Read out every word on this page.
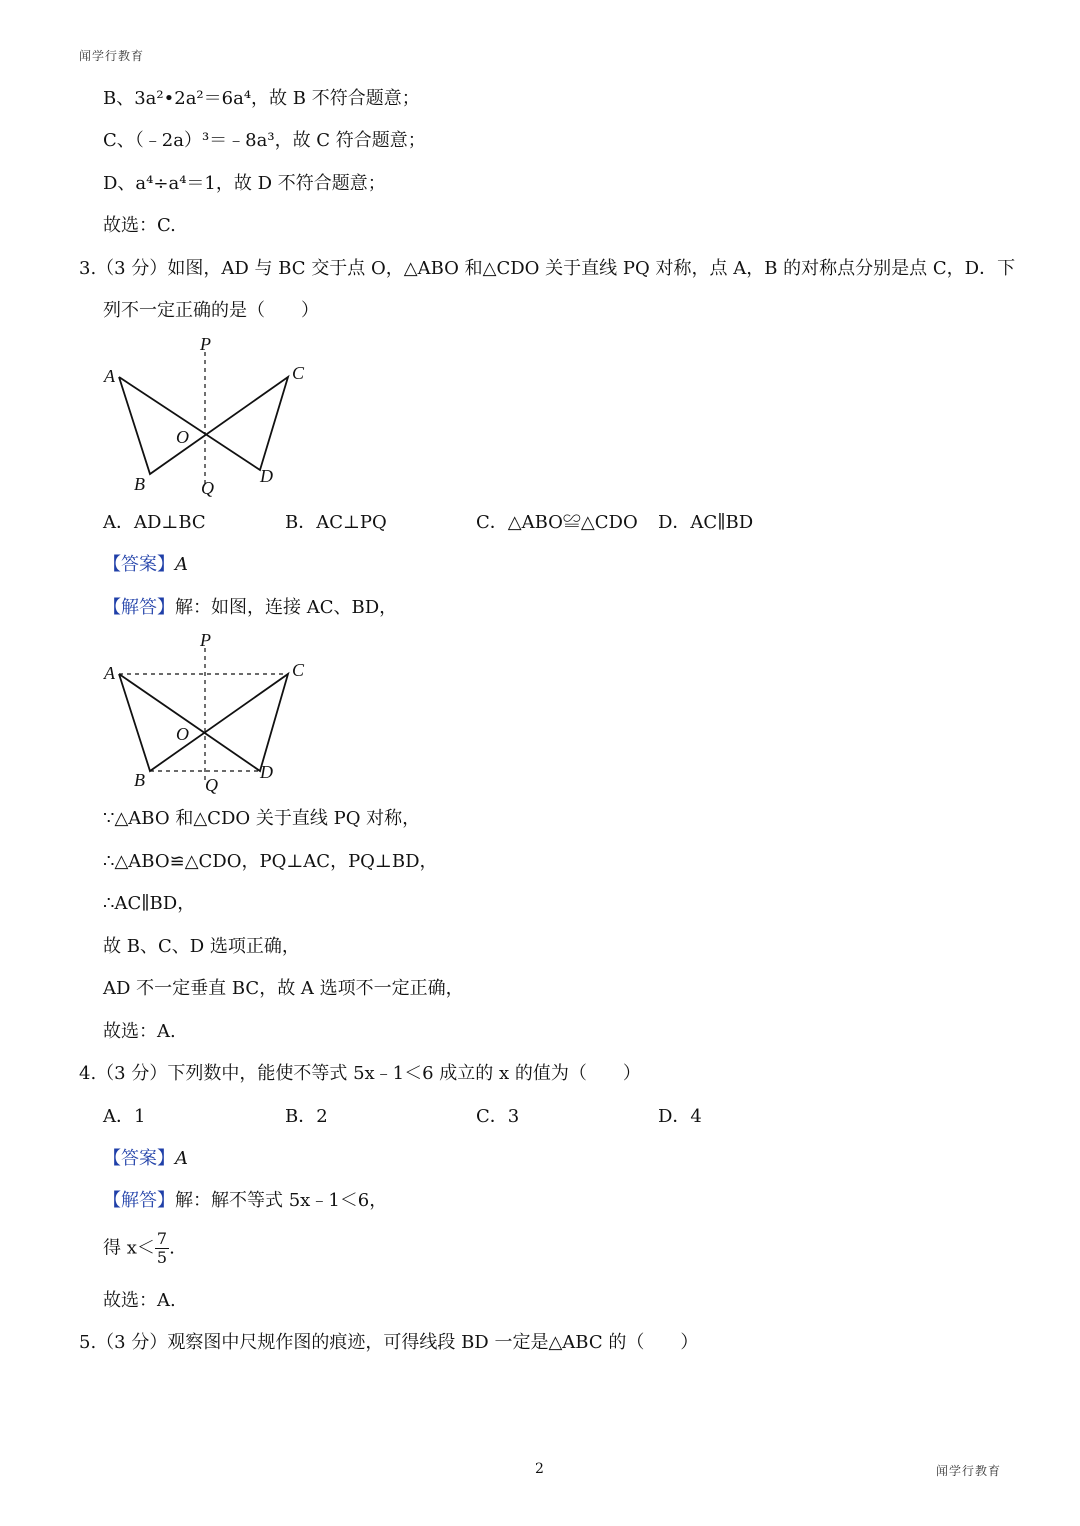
闻学行教育
B、3a²•2a²＝6a⁴，故 B 不符合题意；
C、（﹣2a）³＝﹣8a³，故 C 符合题意；
D、a⁴÷a⁴＝1，故 D 不符合题意；
故选：C.
3.（3 分）如图，AD 与 BC 交于点 O，△ABO 和△CDO 关于直线 PQ 对称，点 A，B 的对称点分别是点 C，D．下
列不一定正确的是（　　）
P
A	C
O
B	D
Q
A．AD⊥BC	B．AC⊥PQ	C．△ABO≌△CDO D．AC∥BD
【答案】A
【解答】解：如图，连接 AC、BD，
P
A	C
O
B	D
Q
∵△ABO 和△CDO 关于直线 PQ 对称，
∴△ABO≌△CDO，PQ⊥AC，PQ⊥BD，
∴AC∥BD，
故 B、C、D 选项正确，
AD 不一定垂直 BC，故 A 选项不一定正确，
故选：A.
4.（3 分）下列数中，能使不等式 5x﹣1＜6 成立的 x 的值为（　　）
A．1	B．2	C．3	D．4
【答案】A
【解答】解：解不等式 5x﹣1＜6，
得 $x< \frac{7}{5}$ .
故选：A.
5.（3 分）观察图中尺规作图的痕迹，可得线段 BD 一定是△ABC 的（　　）
2	闻学行教育
